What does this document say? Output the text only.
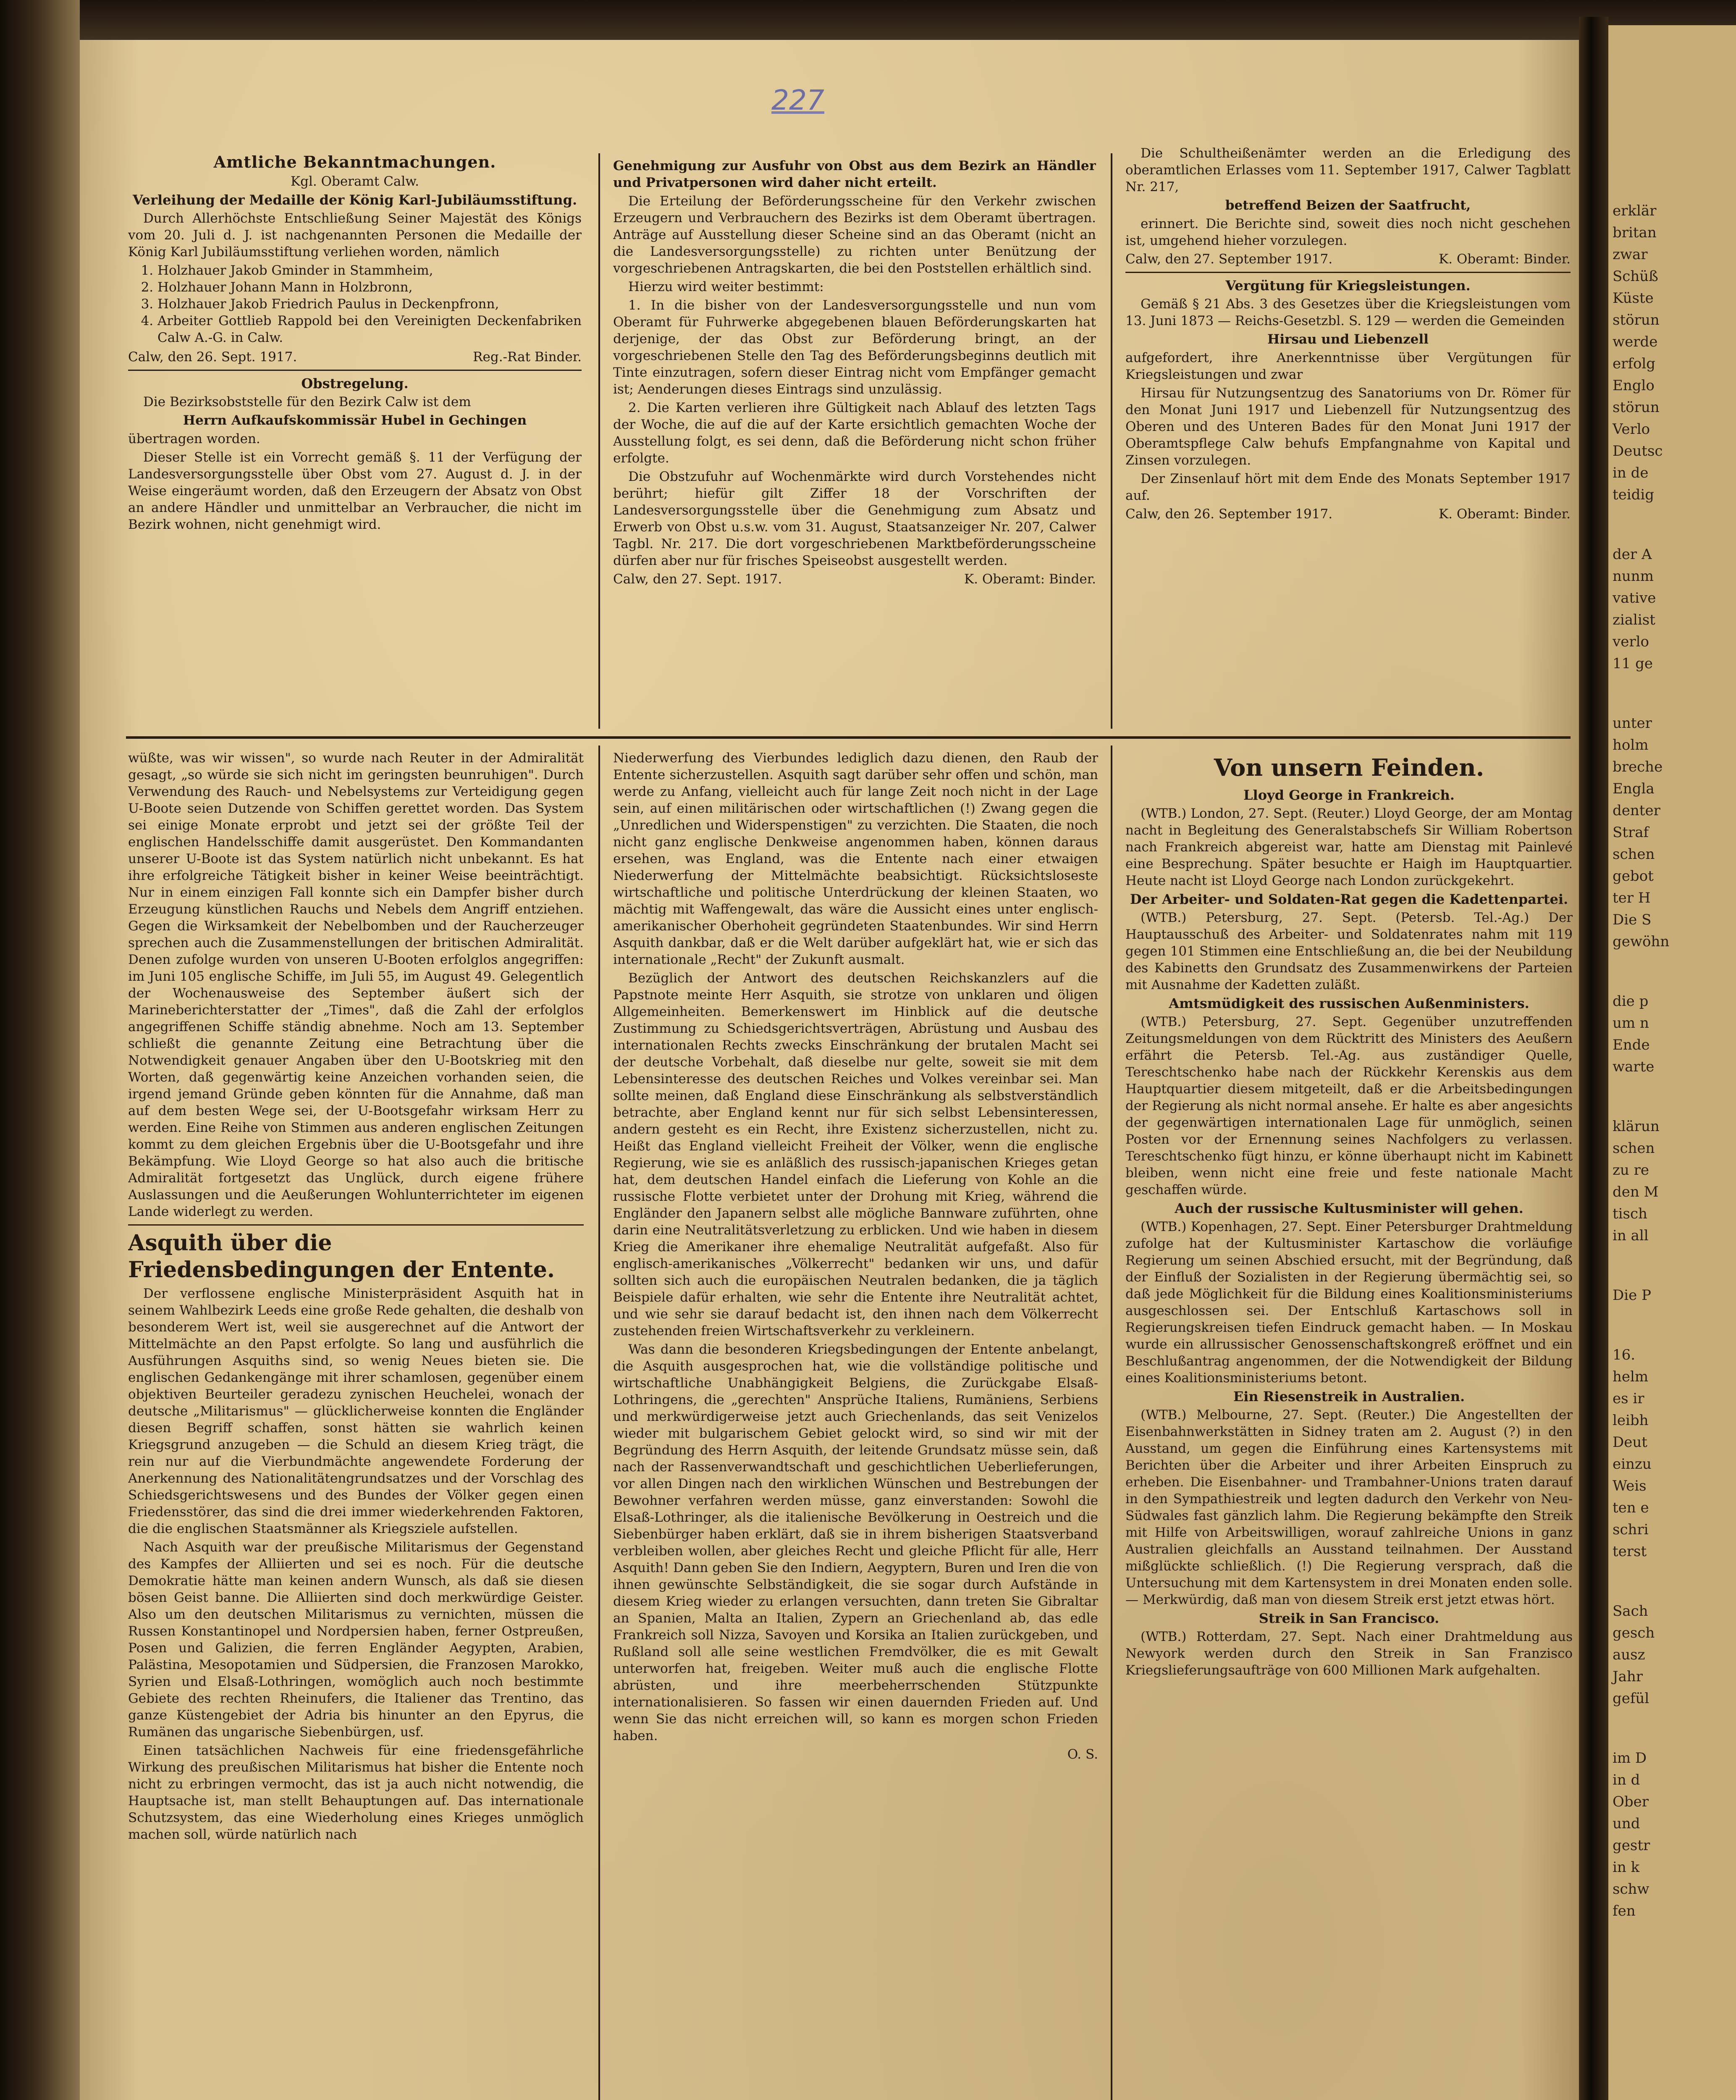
227
Amtliche Bekanntmachungen.
Kgl. Oberamt Calw.
Verleihung der Medaille der König Karl-Jubiläumsstiftung.

Durch Allerhöchste Entschließung Seiner Majestät des Königs vom 20. Juli d. J. ist nachgenannten Personen die Medaille der König Karl Jubiläumsstiftung verliehen worden, nämlich

1. Holzhauer Jakob Gminder in Stammheim,
2. Holzhauer Johann Mann in Holzbronn,
3. Holzhauer Jakob Friedrich Paulus in Deckenpfronn,
4. Arbeiter Gottlieb Rappold bei den Vereinigten Deckenfabriken Calw A.-G. in Calw.
Calw, den 26. Sept. 1917.	Reg.-Rat Binder.
Obstregelung.

Die Bezirksobststelle für den Bezirk Calw ist dem

Herrn Aufkaufskommissär Hubel in Gechingen

übertragen worden.

Dieser Stelle ist ein Vorrecht gemäß §. 11 der Verfügung der Landesversorgungsstelle über Obst vom 27. August d. J. in der Weise eingeräumt worden, daß den Erzeugern der Absatz von Obst an andere Händler und unmittelbar an Verbraucher, die nicht im Bezirk wohnen, nicht genehmigt wird.

Genehmigung zur Ausfuhr von Obst aus dem Bezirk an Händler und Privatpersonen wird daher nicht erteilt.

Die Erteilung der Beförderungsscheine für den Verkehr zwischen Erzeugern und Verbrauchern des Bezirks ist dem Oberamt übertragen. Anträge auf Ausstellung dieser Scheine sind an das Oberamt (nicht an die Landesversorgungsstelle) zu richten unter Benützung der vorgeschriebenen Antragskarten, die bei den Poststellen erhältlich sind.

Hierzu wird weiter bestimmt:

1. In die bisher von der Landesversorgungsstelle und nun vom Oberamt für Fuhrwerke abgegebenen blauen Beförderungskarten hat derjenige, der das Obst zur Beförderung bringt, an der vorgeschriebenen Stelle den Tag des Beförderungsbeginns deutlich mit Tinte einzutragen, sofern dieser Eintrag nicht vom Empfänger gemacht ist; Aenderungen dieses Eintrags sind unzulässig.

2. Die Karten verlieren ihre Gültigkeit nach Ablauf des letzten Tags der Woche, die auf die auf der Karte ersichtlich gemachten Woche der Ausstellung folgt, es sei denn, daß die Beförderung nicht schon früher erfolgte.

Die Obstzufuhr auf Wochenmärkte wird durch Vorstehendes nicht berührt; hiefür gilt Ziffer 18 der Vorschriften der Landesversorgungsstelle über die Genehmigung zum Absatz und Erwerb von Obst u.s.w. vom 31. August, Staatsanzeiger Nr. 207, Calwer Tagbl. Nr. 217. Die dort vorgeschriebenen Marktbeförderungsscheine dürfen aber nur für frisches Speiseobst ausgestellt werden.

Calw, den 27. Sept. 1917.	K. Oberamt: Binder.

Die Schultheißenämter werden an die Erledigung des oberamtlichen Erlasses vom 11. September 1917, Calwer Tagblatt Nr. 217,

betreffend Beizen der Saatfrucht,

erinnert. Die Berichte sind, soweit dies noch nicht geschehen ist, umgehend hieher vorzulegen.

Calw, den 27. September 1917.	K. Oberamt: Binder.
Vergütung für Kriegsleistungen.

Gemäß § 21 Abs. 3 des Gesetzes über die Kriegsleistungen vom 13. Juni 1873 — Reichs-Gesetzbl. S. 129 — werden die Gemeinden

Hirsau und Liebenzell

aufgefordert, ihre Anerkenntnisse über Vergütungen für Kriegsleistungen und zwar

Hirsau für Nutzungsentzug des Sanatoriums von Dr. Römer für den Monat Juni 1917 und Liebenzell für Nutzungsentzug des Oberen und des Unteren Bades für den Monat Juni 1917 der Oberamtspflege Calw behufs Empfangnahme von Kapital und Zinsen vorzulegen.

Der Zinsenlauf hört mit dem Ende des Monats September 1917 auf.

Calw, den 26. September 1917.	K. Oberamt: Binder.

wüßte, was wir wissen", so wurde nach Reuter in der Admiralität gesagt, „so würde sie sich nicht im geringsten beunruhigen". Durch Verwendung des Rauch- und Nebelsystems zur Verteidigung gegen U-Boote seien Dutzende von Schiffen gerettet worden. Das System sei einige Monate erprobt und jetzt sei der größte Teil der englischen Handelsschiffe damit ausgerüstet. Den Kommandanten unserer U-Boote ist das System natürlich nicht unbekannt. Es hat ihre erfolgreiche Tätigkeit bisher in keiner Weise beeinträchtigt. Nur in einem einzigen Fall konnte sich ein Dampfer bisher durch Erzeugung künstlichen Rauchs und Nebels dem Angriff entziehen. Gegen die Wirksamkeit der Nebelbomben und der Raucherzeuger sprechen auch die Zusammenstellungen der britischen Admiralität. Denen zufolge wurden von unseren U-Booten erfolglos angegriffen: im Juni 105 englische Schiffe, im Juli 55, im August 49. Gelegentlich der Wochenausweise des September äußert sich der Marineberichterstatter der „Times", daß die Zahl der erfolglos angegriffenen Schiffe ständig abnehme. Noch am 13. September schließt die genannte Zeitung eine Betrachtung über die Notwendigkeit genauer Angaben über den U-Bootskrieg mit den Worten, daß gegenwärtig keine Anzeichen vorhanden seien, die irgend jemand Gründe geben könnten für die Annahme, daß man auf dem besten Wege sei, der U-Bootsgefahr wirksam Herr zu werden. Eine Reihe von Stimmen aus anderen englischen Zeitungen kommt zu dem gleichen Ergebnis über die U-Bootsgefahr und ihre Bekämpfung. Wie Lloyd George so hat also auch die britische Admiralität fortgesetzt das Unglück, durch eigene frühere Auslassungen und die Aeußerungen Wohlunterrichteter im eigenen Lande widerlegt zu werden.

Asquith über die Friedensbedingungen der Entente.

Der verflossene englische Ministerpräsident Asquith hat in seinem Wahlbezirk Leeds eine große Rede gehalten, die deshalb von besonderem Wert ist, weil sie ausgerechnet auf die Antwort der Mittelmächte an den Papst erfolgte. So lang und ausführlich die Ausführungen Asquiths sind, so wenig Neues bieten sie. Die englischen Gedankengänge mit ihrer schamlosen, gegenüber einem objektiven Beurteiler geradezu zynischen Heuchelei, wonach der deutsche „Militarismus" — glücklicherweise konnten die Engländer diesen Begriff schaffen, sonst hätten sie wahrlich keinen Kriegsgrund anzugeben — die Schuld an diesem Krieg trägt, die rein nur auf die Vierbundmächte angewendete Forderung der Anerkennung des Nationalitätengrundsatzes und der Vorschlag des Schiedsgerichtswesens und des Bundes der Völker gegen einen Friedensstörer, das sind die drei immer wiederkehrenden Faktoren, die die englischen Staatsmänner als Kriegsziele aufstellen.

Nach Asquith war der preußische Militarismus der Gegenstand des Kampfes der Alliierten und sei es noch. Für die deutsche Demokratie hätte man keinen andern Wunsch, als daß sie diesen bösen Geist banne. Die Alliierten sind doch merkwürdige Geister. Also um den deutschen Militarismus zu vernichten, müssen die Russen Konstantinopel und Nordpersien haben, ferner Ostpreußen, Posen und Galizien, die ferren Engländer Aegypten, Arabien, Palästina, Mesopotamien und Südpersien, die Franzosen Marokko, Syrien und Elsaß-Lothringen, womöglich auch noch bestimmte Gebiete des rechten Rheinufers, die Italiener das Trentino, das ganze Küstengebiet der Adria bis hinunter an den Epyrus, die Rumänen das ungarische Siebenbürgen, usf.

Einen tatsächlichen Nachweis für eine friedensgefährliche Wirkung des preußischen Militarismus hat bisher die Entente noch nicht zu erbringen vermocht, das ist ja auch nicht notwendig, die Hauptsache ist, man stellt Behauptungen auf. Das internationale Schutzsystem, das eine Wiederholung eines Krieges unmöglich machen soll, würde natürlich nach

Niederwerfung des Vierbundes lediglich dazu dienen, den Raub der Entente sicherzustellen. Asquith sagt darüber sehr offen und schön, man werde zu Anfang, vielleicht auch für lange Zeit noch nicht in der Lage sein, auf einen militärischen oder wirtschaftlichen (!) Zwang gegen die „Unredlichen und Widerspenstigen" zu verzichten. Die Staaten, die noch nicht ganz englische Denkweise angenommen haben, können daraus ersehen, was England, was die Entente nach einer etwaigen Niederwerfung der Mittelmächte beabsichtigt. Rücksichtsloseste wirtschaftliche und politische Unterdrückung der kleinen Staaten, wo mächtig mit Waffengewalt, das wäre die Aussicht eines unter englisch-amerikanischer Oberhoheit gegründeten Staatenbundes. Wir sind Herrn Asquith dankbar, daß er die Welt darüber aufgeklärt hat, wie er sich das internationale „Recht" der Zukunft ausmalt.

Bezüglich der Antwort des deutschen Reichskanzlers auf die Papstnote meinte Herr Asquith, sie strotze von unklaren und öligen Allgemeinheiten. Bemerkenswert im Hinblick auf die deutsche Zustimmung zu Schiedsgerichtsverträgen, Abrüstung und Ausbau des internationalen Rechts zwecks Einschränkung der brutalen Macht sei der deutsche Vorbehalt, daß dieselbe nur gelte, soweit sie mit dem Lebensinteresse des deutschen Reiches und Volkes vereinbar sei. Man sollte meinen, daß England diese Einschränkung als selbstverständlich betrachte, aber England kennt nur für sich selbst Lebensinteressen, andern gesteht es ein Recht, ihre Existenz sicherzustellen, nicht zu. Heißt das England vielleicht Freiheit der Völker, wenn die englische Regierung, wie sie es anläßlich des russisch-japanischen Krieges getan hat, dem deutschen Handel einfach die Lieferung von Kohle an die russische Flotte verbietet unter der Drohung mit Krieg, während die Engländer den Japanern selbst alle mögliche Bannware zuführten, ohne darin eine Neutralitätsverletzung zu erblicken. Und wie haben in diesem Krieg die Amerikaner ihre ehemalige Neutralität aufgefaßt. Also für englisch-amerikanisches „Völkerrecht" bedanken wir uns, und dafür sollten sich auch die europäischen Neutralen bedanken, die ja täglich Beispiele dafür erhalten, wie sehr die Entente ihre Neutralität achtet, und wie sehr sie darauf bedacht ist, den ihnen nach dem Völkerrecht zustehenden freien Wirtschaftsverkehr zu verkleinern.

Was dann die besonderen Kriegsbedingungen der Entente anbelangt, die Asquith ausgesprochen hat, wie die vollständige politische und wirtschaftliche Unabhängigkeit Belgiens, die Zurückgabe Elsaß-Lothringens, die „gerechten" Ansprüche Italiens, Rumäniens, Serbiens und merkwürdigerweise jetzt auch Griechenlands, das seit Venizelos wieder mit bulgarischem Gebiet gelockt wird, so sind wir mit der Begründung des Herrn Asquith, der leitende Grundsatz müsse sein, daß nach der Rassenverwandtschaft und geschichtlichen Ueberlieferungen, vor allen Dingen nach den wirklichen Wünschen und Bestrebungen der Bewohner verfahren werden müsse, ganz einverstanden: Sowohl die Elsaß-Lothringer, als die italienische Bevölkerung in Oestreich und die Siebenbürger haben erklärt, daß sie in ihrem bisherigen Staatsverband verbleiben wollen, aber gleiches Recht und gleiche Pflicht für alle, Herr Asquith! Dann geben Sie den Indiern, Aegyptern, Buren und Iren die von ihnen gewünschte Selbständigkeit, die sie sogar durch Aufstände in diesem Krieg wieder zu erlangen versuchten, dann treten Sie Gibraltar an Spanien, Malta an Italien, Zypern an Griechenland ab, das edle Frankreich soll Nizza, Savoyen und Korsika an Italien zurückgeben, und Rußland soll alle seine westlichen Fremdvölker, die es mit Gewalt unterworfen hat, freigeben. Weiter muß auch die englische Flotte abrüsten, und ihre meerbeherrschenden Stützpunkte internationalisieren. So fassen wir einen dauernden Frieden auf. Und wenn Sie das nicht erreichen will, so kann es morgen schon Frieden haben.

O. S.

Von unsern Feinden.
Lloyd George in Frankreich.

(WTB.) London, 27. Sept. (Reuter.) Lloyd George, der am Montag nacht in Begleitung des Generalstabschefs Sir William Robertson nach Frankreich abgereist war, hatte am Dienstag mit Painlevé eine Besprechung. Später besuchte er Haigh im Hauptquartier. Heute nacht ist Lloyd George nach London zurückgekehrt.

Der Arbeiter- und Soldaten-Rat gegen die Kadettenpartei.

(WTB.) Petersburg, 27. Sept. (Petersb. Tel.-Ag.) Der Hauptausschuß des Arbeiter- und Soldatenrates nahm mit 119 gegen 101 Stimmen eine Entschließung an, die bei der Neubildung des Kabinetts den Grundsatz des Zusammenwirkens der Parteien mit Ausnahme der Kadetten zuläßt.

Amtsmüdigkeit des russischen Außenministers.

(WTB.) Petersburg, 27. Sept. Gegenüber unzutreffenden Zeitungsmeldungen von dem Rücktritt des Ministers des Aeußern erfährt die Petersb. Tel.-Ag. aus zuständiger Quelle, Tereschtschenko habe nach der Rückkehr Kerenskis aus dem Hauptquartier diesem mitgeteilt, daß er die Arbeitsbedingungen der Regierung als nicht normal ansehe. Er halte es aber angesichts der gegenwärtigen internationalen Lage für unmöglich, seinen Posten vor der Ernennung seines Nachfolgers zu verlassen. Tereschtschenko fügt hinzu, er könne überhaupt nicht im Kabinett bleiben, wenn nicht eine freie und feste nationale Macht geschaffen würde.

Auch der russische Kultusminister will gehen.

(WTB.) Kopenhagen, 27. Sept. Einer Petersburger Drahtmeldung zufolge hat der Kultusminister Kartaschow die vorläufige Regierung um seinen Abschied ersucht, mit der Begründung, daß der Einfluß der Sozialisten in der Regierung übermächtig sei, so daß jede Möglichkeit für die Bildung eines Koalitionsministeriums ausgeschlossen sei. Der Entschluß Kartaschows soll in Regierungskreisen tiefen Eindruck gemacht haben. — In Moskau wurde ein allrussischer Genossenschaftskongreß eröffnet und ein Beschlußantrag angenommen, der die Notwendigkeit der Bildung eines Koalitionsministeriums betont.

Ein Riesenstreik in Australien.

(WTB.) Melbourne, 27. Sept. (Reuter.) Die Angestellten der Eisenbahnwerkstätten in Sidney traten am 2. August (?) in den Ausstand, um gegen die Einführung eines Kartensystems mit Berichten über die Arbeiter und ihrer Arbeiten Einspruch zu erheben. Die Eisenbahner- und Trambahner-Unions traten darauf in den Sympathiestreik und legten dadurch den Verkehr von Neu-Südwales fast gänzlich lahm. Die Regierung bekämpfte den Streik mit Hilfe von Arbeitswilligen, worauf zahlreiche Unions in ganz Australien gleichfalls an Ausstand teilnahmen. Der Ausstand mißglückte schließlich. (!) Die Regierung versprach, daß die Untersuchung mit dem Kartensystem in drei Monaten enden solle. — Merkwürdig, daß man von diesem Streik erst jetzt etwas hört.

Streik in San Francisco.

(WTB.) Rotterdam, 27. Sept. Nach einer Drahtmeldung aus Newyork werden durch den Streik in San Franzisco Kriegslieferungsaufträge von 600 Millionen Mark aufgehalten.

erklär
britan
zwar
Schüß
Küste
störun
werde
erfolg
Englo
störun
Verlo
Deutsc
in de
teidig
der A
nunm
vative
zialist
verlo
11 ge
unter
holm
breche
Engla
denter
Straf
schen
gebot
ter H
Die S
gewöhn
die p
um n
Ende
warte
klärun
schen
zu re
den M
tisch
in all
Die P
16.
helm
es ir
leibh
Deut
einzu
Weis
ten e
schri
terst
Sach
gesch
ausz
Jahr
gefül
im D
in d
Ober
und
gestr
in k
schw
fen
